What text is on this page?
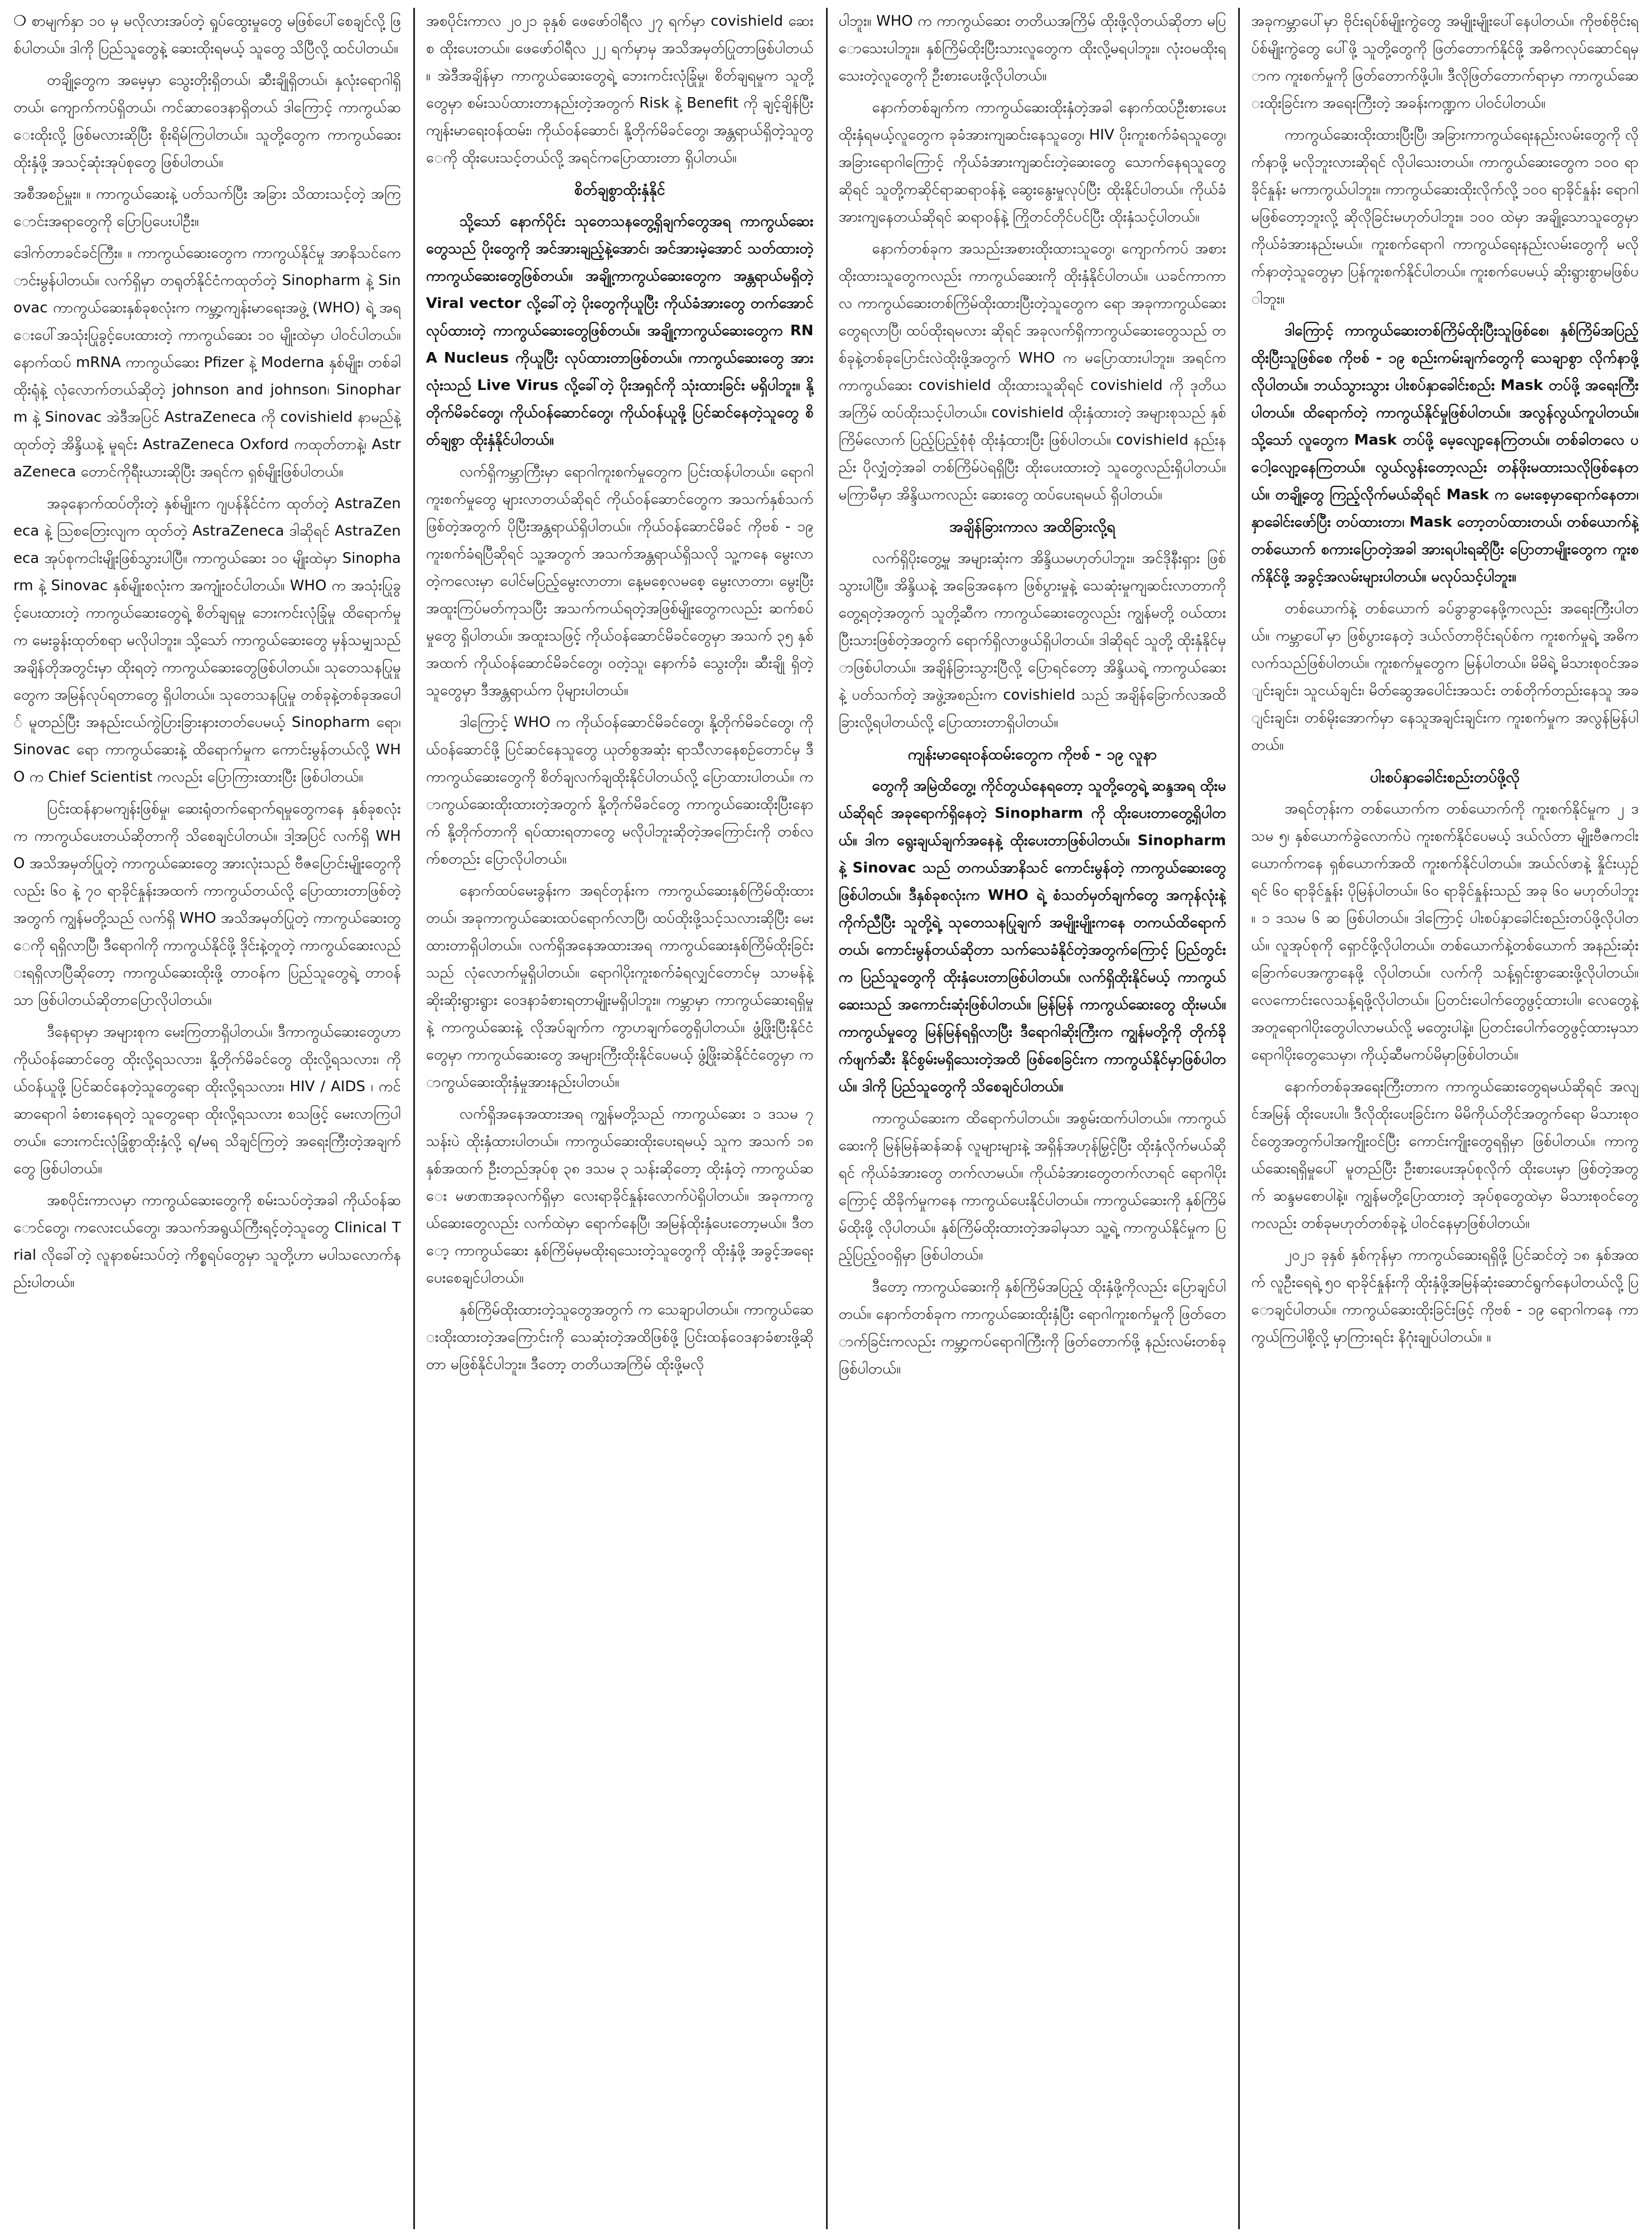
❍ စာမျက်နှာ ၁၀ မှ မလိုလားအပ်တဲ့ ရှုပ်ထွေးမှုတွေ မဖြစ်ပေါ်စေချင်လို့ ဖြစ်ပါတယ်။ ဒါကို ပြည်သူတွေနဲ့ ဆေးထိုးရမယ့် သူတွေ သိပြီလို့ ထင်ပါတယ်။

တချို့တွေက အမေ့မှာ သွေးတိုးရှိတယ်၊ ဆီးချိုရှိတယ်၊ နှလုံးရောဂါရှိတယ်၊ ကျောက်ကပ်ရှိတယ်၊ ကင်ဆာဝေဒနာရှိတယ် ဒါကြောင့် ကာကွယ်ဆေးထိုးလို့ ဖြစ်မလားဆိုပြီး စိုးရိမ်ကြပါတယ်။ သူတို့တွေက ကာကွယ်ဆေးထိုးနှံဖို့ အသင့်ဆုံးအုပ်စုတွေ ဖြစ်ပါတယ်။

အစီအစဉ်မှူး။ ။ ကာကွယ်ဆေးနဲ့ ပတ်သက်ပြီး အခြား သိထားသင့်တဲ့ အကြောင်းအရာတွေကို ပြောပြပေးပါဦး။

ဒေါက်တာခင်ခင်ကြီး။ ။ ကာကွယ်ဆေးတွေက ကာကွယ်နိုင်မှု အာနိသင်ကောင်းမွန်ပါတယ်။ လက်ရှိမှာ တရုတ်နိုင်ငံကထုတ်တဲ့ Sinopharm နဲ့ Sinovac ကာကွယ်ဆေးနှစ်ခုစလုံးက ကမ္ဘာ့ကျန်းမာရေးအဖွဲ့ (WHO) ရဲ့ အရေးပေါ်အသုံးပြုခွင့်ပေးထားတဲ့ ကာကွယ်ဆေး ၁၀ မျိုးထဲမှာ ပါဝင်ပါတယ်။ နောက်ထပ် mRNA ကာကွယ်ဆေး Pfizer နဲ့ Moderna နှစ်မျိုး၊ တစ်ခါထိုးရုံနဲ့ လုံလောက်တယ်ဆိုတဲ့ johnson and johnson၊ Sinopharm နဲ့ Sinovac အဲဒီအပြင် AstraZeneca ကို covishield နာမည်နဲ့ ထုတ်တဲ့ အိန္ဒိယနဲ့ မူရင်း AstraZeneca Oxford ကထုတ်တာနဲ့၊ AstraZeneca တောင်ကိုရီးယားဆိုပြီး အရင်က ရှစ်မျိုးဖြစ်ပါတယ်။

အခုနောက်ထပ်တိုးတဲ့ နှစ်မျိုးက ဂျပန်နိုင်ငံက ထုတ်တဲ့ AstraZeneca နဲ့ ဩစတြေးလျက ထုတ်တဲ့ AstraZeneca ဒါဆိုရင် AstraZeneca အုပ်စုကငါးမျိုးဖြစ်သွားပါပြီ။ ကာကွယ်ဆေး ၁၀ မျိုးထဲမှာ Sinopharm နဲ့ Sinovac နှစ်မျိုးစလုံးက အကျုံးဝင်ပါတယ်။ WHO က အသုံးပြုခွင့်ပေးထားတဲ့ ကာကွယ်ဆေးတွေရဲ့ စိတ်ချရမှု ဘေးကင်းလုံခြုံမှု ထိရောက်မှုက မေးခွန်းထုတ်စရာ မလိုပါဘူး။ သို့သော် ကာကွယ်ဆေးတွေ မှန်သမျှသည် အချိန်တိုအတွင်းမှာ ထိုးရတဲ့ ကာကွယ်ဆေးတွေဖြစ်ပါတယ်။ သုတေသနပြုမှုတွေက အမြန်လုပ်ရတာတွေ ရှိပါတယ်။ သုတေသနပြုမှု တစ်ခုနဲ့တစ်ခုအပေါ် မူတည်ပြီး အနည်းငယ်ကွဲပြားခြားနားတတ်ပေမယ့် Sinopharm ရော၊ Sinovac ရော ကာကွယ်ဆေးနဲ့ ထိရောက်မှုက ကောင်းမွန်တယ်လို့ WHO က Chief Scientist ကလည်း ပြောကြားထားပြီး ဖြစ်ပါတယ်။

ပြင်းထန်နာမကျန်းဖြစ်မှု၊ ဆေးရုံတက်ရောက်ရမှုတွေကနေ နှစ်ခုစလုံးက ကာကွယ်ပေးတယ်ဆိုတာကို သိစေချင်ပါတယ်။ ဒါ့အပြင် လက်ရှိ WHO အသိအမှတ်ပြုတဲ့ ကာကွယ်ဆေးတွေ အားလုံးသည် ဗီဇပြောင်းမျိုးတွေကိုလည်း ၆၀ နဲ့ ၇၀ ရာခိုင်နှုန်းအထက် ကာကွယ်တယ်လို့ ပြောထားတာဖြစ်တဲ့အတွက် ကျွန်မတို့သည် လက်ရှိ WHO အသိအမှတ်ပြုတဲ့ ကာကွယ်ဆေးတွေကို ရရှိလာပြီ၊ ဒီရောဂါကို ကာကွယ်နိုင်ဖို့ ဒိုင်းနဲ့တူတဲ့ ကာကွယ်ဆေးလည်းရရှိလာပြီဆိုတော့ ကာကွယ်ဆေးထိုးဖို့ တာဝန်က ပြည်သူတွေရဲ့ တာဝန်သာ ဖြစ်ပါတယ်ဆိုတာပြောလိုပါတယ်။

ဒီနေရာမှာ အများစုက မေးကြတာရှိပါတယ်။ ဒီကာကွယ်ဆေးတွေဟာ ကိုယ်ဝန်ဆောင်တွေ ထိုးလို့ရသလား၊ နို့တိုက်မိခင်တွေ ထိုးလို့ရသလား၊ ကိုယ်ဝန်ယူဖို့ ပြင်ဆင်နေတဲ့သူတွေရော ထိုးလို့ရသလား၊ HIV / AIDS ၊ ကင်ဆာရောဂါ ခံစားနေရတဲ့ သူတွေရော ထိုးလို့ရသလား စသဖြင့် မေးလာကြပါတယ်။ ဘေးကင်းလုံခြုံစွာထိုးနှံလို့ ရ/မရ သိချင်ကြတဲ့ အရေးကြီးတဲ့အချက်တွေ ဖြစ်ပါတယ်။

အစပိုင်းကာလမှာ ကာကွယ်ဆေးတွေကို စမ်းသပ်တဲ့အခါ ကိုယ်ဝန်ဆောင်တွေ၊ ကလေးငယ်တွေ၊ အသက်အရွယ်ကြီးရင့်တဲ့သူတွေ Clinical Trial လိုခေါ်တဲ့ လူနာစမ်းသပ်တဲ့ ကိစ္စရပ်တွေမှာ သူတို့ဟာ မပါသလောက်နည်းပါတယ်။

အစပိုင်းကာလ ၂၀၂၁ ခုနှစ် ဖေဖော်ဝါရီလ ၂၇ ရက်မှာ covishield ဆေးစ ထိုးပေးတယ်။ ဖေဖော်ဝါရီလ ၂၂ ရက်မှာမှ အသိအမှတ်ပြုတာဖြစ်ပါတယ်။ အဲဒီအချိန်မှာ ကာကွယ်ဆေးတွေရဲ့ ဘေးကင်းလုံခြုံမှု၊ စိတ်ချရမှုက သူတို့ တွေမှာ စမ်းသပ်ထားတာနည်းတဲ့အတွက် Risk နဲ့ Benefit ကို ချင့်ချိန်ပြီး ကျန်းမာရေးဝန်ထမ်း၊ ကိုယ်ဝန်ဆောင်၊ နို့တိုက်မိခင်တွေ၊ အန္တရာယ်ရှိတဲ့သူတွေကို ထိုးပေးသင့်တယ်လို့ အရင်ကပြောထားတာ ရှိပါတယ်။

စိတ်ချစွာထိုးနှံနိုင်

သို့သော် နောက်ပိုင်း သုတေသနတွေ့ရှိချက်တွေအရ ကာကွယ်ဆေးတွေသည် ပိုးတွေကို အင်အားချည့်နဲ့အောင်၊ အင်အားမဲ့အောင် သတ်ထားတဲ့ ကာကွယ်ဆေးတွေဖြစ်တယ်။ အချို့ကာကွယ်ဆေးတွေက အန္တရာယ်မရှိတဲ့ Viral vector လို့ခေါ်တဲ့ ပိုးတွေကိုယူပြီး ကိုယ်ခံအားတွေ တက်အောင် လုပ်ထားတဲ့ ကာကွယ်ဆေးတွေဖြစ်တယ်။ အချို့ကာကွယ်ဆေးတွေက RNA Nucleus ကိုယူပြီး လုပ်ထားတာဖြစ်တယ်။ ကာကွယ်ဆေးတွေ အားလုံးသည် Live Virus လို့ခေါ်တဲ့ ပိုးအရှင်ကို သုံးထားခြင်း မရှိပါဘူး။ နို့တိုက်မိခင်တွေ၊ ကိုယ်ဝန်ဆောင်တွေ၊ ကိုယ်ဝန်ယူဖို့ ပြင်ဆင်နေတဲ့သူတွေ စိတ်ချစွာ ထိုးနှံနိုင်ပါတယ်။

လက်ရှိကမ္ဘာကြီးမှာ ရောဂါကူးစက်မှုတွေက ပြင်းထန်ပါတယ်။ ရောဂါကူးစက်မှုတွေ များလာတယ်ဆိုရင် ကိုယ်ဝန်ဆောင်တွေက အသက်နှစ်သက်ဖြစ်တဲ့အတွက် ပိုပြီးအန္တရာယ်ရှိပါတယ်။ ကိုယ်ဝန်ဆောင်မိခင် ကိုဗစ် - ၁၉ ကူးစက်ခံရပြီဆိုရင် သူ့အတွက် အသက်အန္တရာယ်ရှိသလို သူ့ကနေ မွေးလာတဲ့ကလေးမှာ ပေါင်မပြည့်မွေးလာတာ၊ နေ့မစေ့လမစေ့ မွေးလာတာ၊ မွေးပြီး အထူးကြပ်မတ်ကုသပြီး အသက်ကယ်ရတဲ့အဖြစ်မျိုးတွေကလည်း ဆက်စပ်မှုတွေ ရှိပါတယ်။ အထူးသဖြင့် ကိုယ်ဝန်ဆောင်မိခင်တွေမှာ အသက် ၃၅ နှစ်အထက် ကိုယ်ဝန်ဆောင်မိခင်တွေ၊ ဝတဲ့သူ၊ နောက်ခံ သွေးတိုး၊ ဆီးချို ရှိတဲ့သူတွေမှာ ဒီအန္တရာယ်က ပိုများပါတယ်။

ဒါကြောင့် WHO က ကိုယ်ဝန်ဆောင်မိခင်တွေ၊ နို့တိုက်မိခင်တွေ၊ ကိုယ်ဝန်ဆောင်ဖို့ ပြင်ဆင်နေသူတွေ ယုတ်စွအဆုံး ရာသီလာနေစဉ်တောင်မှ ဒီကာကွယ်ဆေးတွေကို စိတ်ချလက်ချထိုးနိုင်ပါတယ်လို့ ပြောထားပါတယ်။ ကာကွယ်ဆေးထိုးထားတဲ့အတွက် နို့တိုက်မိခင်တွေ ကာကွယ်ဆေးထိုးပြီးနောက် နို့တိုက်တာကို ရပ်ထားရတာတွေ မလိုပါဘူးဆိုတဲ့အကြောင်းကို တစ်လက်စတည်း ပြောလိုပါတယ်။

နောက်ထပ်မေးခွန်းက အရင်တုန်းက ကာကွယ်ဆေးနှစ်ကြိမ်ထိုးထားတယ်၊ အခုကာကွယ်ဆေးထပ်ရောက်လာပြီ၊ ထပ်ထိုးဖို့သင့်သလားဆိုပြီး မေးထားတာရှိပါတယ်။ လက်ရှိအနေအထားအရ ကာကွယ်ဆေးနှစ်ကြိမ်ထိုးခြင်းသည် လုံလောက်မှုရှိပါတယ်။ ရောဂါပိုးကူးစက်ခံရလျှင်တောင်မှ သာမန်နဲ့ ဆိုးဆိုးရွားရွား ဝေဒနာခံစားရတာမျိုးမရှိပါဘူး။ ကမ္ဘာမှာ ကာကွယ်ဆေးရရှိမှုနဲ့ ကာကွယ်ဆေးနဲ့ လိုအပ်ချက်က ကွာဟချက်တွေရှိပါတယ်။ ဖွံ့ဖြိုးပြီးနိုင်ငံတွေမှာ ကာကွယ်ဆေးတွေ အများကြီးထိုးနိုင်ပေမယ့် ဖွံ့ဖြိုးဆဲနိုင်ငံတွေမှာ ကာကွယ်ဆေးထိုးနှံမှုအားနည်းပါတယ်။

လက်ရှိအနေအထားအရ ကျွန်မတို့သည် ကာကွယ်ဆေး ၁ ဒသမ ၇ သန်းပဲ ထိုးနှံထားပါတယ်။ ကာကွယ်ဆေးထိုးပေးရမယ့် သူက အသက် ၁၈ နှစ်အထက် ဦးတည်အုပ်စု ၃၈ ဒသမ ၃ သန်းဆိုတော့ ထိုးနှံတဲ့ ကာကွယ်ဆေး မဖာဏအခုလက်ရှိမှာ လေးရာခိုင်နှုန်းလောက်ပဲရှိပါတယ်။ အခုကာကွယ်ဆေးတွေလည်း လက်ထဲမှာ ရောက်နေပြီ၊ အမြန်ထိုးနှံပေးတော့မယ်။ ဒီတော့ ကာကွယ်ဆေး နှစ်ကြိမ်မှမထိုးရသေးတဲ့သူတွေကို ထိုးနှံဖို့ အခွင့်အရေးပေးစေချင်ပါတယ်။

နှစ်ကြိမ်ထိုးထားတဲ့သူတွေအတွက် က သေချာပါတယ်။ ကာကွယ်ဆေးထိုးထားတဲ့အကြောင်းကို သေဆုံးတဲ့အထိဖြစ်ဖို့ ပြင်းထန်ဝေဒနာခံစားဖို့ဆိုတာ မဖြစ်နိုင်ပါဘူး။ ဒီတော့ တတိယအကြိမ် ထိုးဖို့မလို

ပါဘူး။ WHO က ကာကွယ်ဆေး တတိယအကြိမ် ထိုးဖို့လိုတယ်ဆိုတာ မပြောသေးပါဘူး။ နှစ်ကြိမ်ထိုးပြီးသားလူတွေက ထိုးလို့မရပါဘူး။ လုံးဝမထိုးရသေးတဲ့လူတွေကို ဦးစားပေးဖို့လိုပါတယ်။

နောက်တစ်ချက်က ကာကွယ်ဆေးထိုးနှံတဲ့အခါ နောက်ထပ်ဦးစားပေး ထိုးနှံရမယ့်လူတွေက ခုခံအားကျဆင်းနေသူတွေ၊ HIV ပိုးကူးစက်ခံရသူတွေ၊ အခြားရောဂါကြောင့် ကိုယ်ခံအားကျဆင်းတဲ့ဆေးတွေ သောက်နေရသူတွေဆိုရင် သူတို့ကဆိုင်ရာဆရာဝန်နဲ့ ဆွေးနွေးမှုလုပ်ပြီး ထိုးနိုင်ပါတယ်။ ကိုယ်ခံအားကျနေတယ်ဆိုရင် ဆရာဝန်နဲ့ ကြိုတင်တိုင်ပင်ပြီး ထိုးနှံသင့်ပါတယ်။

နောက်တစ်ခုက အသည်းအစားထိုးထားသူတွေ၊ ကျောက်ကပ် အစားထိုးထားသူတွေကလည်း ကာကွယ်ဆေးကို ထိုးနှံနိုင်ပါတယ်။ ယခင်ကာကာလ ကာကွယ်ဆေးတစ်ကြိမ်ထိုးထားပြီးတဲ့သူတွေက ရော အခုကာကွယ်ဆေးတွေရလာပြီ၊ ထပ်ထိုးရမလား ဆိုရင် အခုလက်ရှိကာကွယ်ဆေးတွေသည် တစ်ခုနဲ့တစ်ခုပြောင်းလဲထိုးဖို့အတွက် WHO က မပြောထားပါဘူး။ အရင်က ကာကွယ်ဆေး covishield ထိုးထားသူဆိုရင် covishield ကို ဒုတိယအကြိမ် ထပ်ထိုးသင့်ပါတယ်။ covishield ထိုးနှံထားတဲ့ အများစုသည် နှစ်ကြိမ်လောက် ပြည့်ပြည့်စုံစုံ ထိုးနှံထားပြီး ဖြစ်ပါတယ်။ covishield နည်းနည်း ပိုလျှံတဲ့အခါ တစ်ကြိမ်ပဲရရှိပြီး ထိုးပေးထားတဲ့ သူတွေလည်းရှိပါတယ်။ မကြာမီမှာ အိန္ဒိယကလည်း ဆေးတွေ ထပ်ပေးရမယ် ရှိပါတယ်။

အချိန်ခြားကာလ အထိခြားလို့ရ

လက်ရှိပိုးတွေ့မှု အများဆုံးက အိန္ဒိယမဟုတ်ပါဘူး။ အင်ဒိုနီးရှား ဖြစ်သွားပါပြီ။ အိန္ဒိယနဲ့ အခြေအနေက ဖြစ်ပွားမှုနဲ့ သေဆုံးမှုကျဆင်းလာတာကို တွေ့ရတဲ့အတွက် သူတို့ဆီက ကာကွယ်ဆေးတွေလည်း ကျွန်မတို့ ဝယ်ထားပြီးသားဖြစ်တဲ့အတွက် ရောက်ရှိလာဖွယ်ရှိပါတယ်။ ဒါဆိုရင် သူတို့ ထိုးနှံနိုင်မှာဖြစ်ပါတယ်။ အချိန်ခြားသွားပြီလို့ ပြောရင်တော့ အိန္ဒိယရဲ့ ကာကွယ်ဆေးနဲ့ ပတ်သက်တဲ့ အဖွဲ့အစည်းက covishield သည် အချိန်ခြောက်လအထိ ခြားလို့ရပါတယ်လို့ ပြောထားတာရှိပါတယ်။

ကျန်းမာရေးဝန်ထမ်းတွေက ကိုဗစ် - ၁၉ လူနာ

တွေကို အမြဲထိတွေ့၊ ကိုင်တွယ်နေရတော့ သူတို့တွေရဲ့ ဆန္ဒအရ ထိုးမယ်ဆိုရင် အခုရောက်ရှိနေတဲ့ Sinopharm ကို ထိုးပေးတာတွေ့ရှိပါတယ်။ ဒါက ရွေးချယ်ချက်အနေနဲ့ ထိုးပေးတာဖြစ်ပါတယ်။ Sinopharm နဲ့ Sinovac သည် တကယ်အာနိသင် ကောင်းမွန်တဲ့ ကာကွယ်ဆေးတွေဖြစ်ပါတယ်။ ဒီနှစ်ခုစလုံးက WHO ရဲ့ စံသတ်မှတ်ချက်တွေ အကုန်လုံးနဲ့ ကိုက်ညီပြီး သူတို့ရဲ့ သုတေသနပြုချက် အမျိုးမျိုးကနေ တကယ်ထိရောက်တယ်၊ ကောင်းမွန်တယ်ဆိုတာ သက်သေခံနိုင်တဲ့အတွက်ကြောင့် ပြည်တွင်းက ပြည်သူတွေကို ထိုးနှံပေးတာဖြစ်ပါတယ်။ လက်ရှိထိုးနိုင်မယ့် ကာကွယ်ဆေးသည် အကောင်းဆုံးဖြစ်ပါတယ်။ မြန်မြန် ကာကွယ်ဆေးတွေ ထိုးမယ်။ ကာကွယ်မှုတွေ မြန်မြန်ရရှိလာပြီး ဒီရောဂါဆိုးကြီးက ကျွန်မတို့ကို တိုက်ခိုက်ဖျက်ဆီး နိုင်စွမ်းမရှိသေးတဲ့အထိ ဖြစ်စေခြင်းက ကာကွယ်နိုင်မှာဖြစ်ပါတယ်။ ဒါကို ပြည်သူတွေကို သိစေချင်ပါတယ်။

ကာကွယ်ဆေးက ထိရောက်ပါတယ်။ အစွမ်းထက်ပါတယ်။ ကာကွယ်ဆေးကို မြန်မြန်ဆန်ဆန် လူများများနဲ့ အရှိန်အဟုန်မြှင့်ပြီး ထိုးနှံလိုက်မယ်ဆိုရင် ကိုယ်ခံအားတွေ တက်လာမယ်။ ကိုယ်ခံအားတွေတက်လာရင် ရောဂါပိုးကြောင့် ထိခိုက်မှုကနေ ကာကွယ်ပေးနိုင်ပါတယ်။ ကာကွယ်ဆေးကို နှစ်ကြိမ်မ်ထိုးဖို့ လိုပါတယ်။ နှစ်ကြိမ်ထိုးထားတဲ့အခါမှသာ သူ့ရဲ့ ကာကွယ်နိုင်မှုက ပြည့်ပြည့်ဝဝရှိမှာ ဖြစ်ပါတယ်။

ဒီတော့ ကာကွယ်ဆေးကို နှစ်ကြိမ်အပြည့် ထိုးနှံဖို့ကိုလည်း ပြောချင်ပါတယ်။ နောက်တစ်ခုက ကာကွယ်ဆေးထိုးနှံပြီး ရောဂါကူးစက်မှုကို ဖြတ်တောက်ခြင်းကလည်း ကမ္ဘာ့ကပ်ရောဂါကြီးကို ဖြတ်တောက်ဖို့ နည်းလမ်းတစ်ခုဖြစ်ပါတယ်။

အခုကမ္ဘာပေါ်မှာ ဗိုင်းရပ်စ်မျိုးကွဲတွေ အမျိုးမျိုးပေါ်နေပါတယ်။ ကိုဗစ်ဗိုင်းရပ်စ်မျိုးကွဲတွေ ပေါ်ဖို့ သူတို့တွေကို ဖြတ်တောက်နိုင်ဖို့ အဓိကလုပ်ဆောင်ရမှာက ကူးစက်မှုကို ဖြတ်တောက်ဖို့ပါ။ ဒီလိုဖြတ်တောက်ရာမှာ ကာကွယ်ဆေးထိုးခြင်းက အရေးကြီးတဲ့ အခန်းကဏ္ဍက ပါဝင်ပါတယ်။

ကာကွယ်ဆေးထိုးထားပြီးပြီ၊ အခြားကာကွယ်ရေးနည်းလမ်းတွေကို လိုက်နာဖို့ မလိုဘူးလားဆိုရင် လိုပါသေးတယ်။ ကာကွယ်ဆေးတွေက ၁၀၀ ရာခိုင်နှုန်း မကာကွယ်ပါဘူး။ ကာကွယ်ဆေးထိုးလိုက်လို့ ၁၀၀ ရာခိုင်နှုန်း ရောဂါမဖြစ်တော့ဘူးလို့ ဆိုလိုခြင်းမဟုတ်ပါဘူး။ ၁၀၀ ထဲမှာ အချို့သောသူတွေမှာ ကိုယ်ခံအားနည်းမယ်။ ကူးစက်ရောဂါ ကာကွယ်ရေးနည်းလမ်းတွေကို မလိုက်နာတဲ့သူတွေမှာ ပြန်ကူးစက်နိုင်ပါတယ်။ ကူးစက်ပေမယ့် ဆိုးရွားစွာမဖြစ်ပါဘူး။

ဒါကြောင့် ကာကွယ်ဆေးတစ်ကြိမ်ထိုးပြီးသူဖြစ်စေ၊ နှစ်ကြိမ်အပြည့်ထိုးပြီးသူဖြစ်စေ ကိုဗစ် - ၁၉ စည်းကမ်းချက်တွေကို သေချာစွာ လိုက်နာဖို့လိုပါတယ်။ ဘယ်သွားသွား ပါးစပ်နှာခေါင်းစည်း Mask တပ်ဖို့ အရေးကြီးပါတယ်။ ထိရောက်တဲ့ ကာကွယ်နိုင်မှုဖြစ်ပါတယ်။ အလွန်လွယ်ကူပါတယ်။ သို့သော် လူတွေက Mask တပ်ဖို့ မေ့လျော့နေကြတယ်။ တစ်ခါတလေ ပေါ့လျော့နေကြတယ်။ လွယ်လွန်းတော့လည်း တန်ဖိုးမထားသလိုဖြစ်နေတယ်။ တချို့တွေ ကြည့်လိုက်မယ်ဆိုရင် Mask က မေးစေ့မှာရောက်နေတာ၊ နှာခေါင်းဖော်ပြီး တပ်ထားတာ၊ Mask တော့တပ်ထားတယ်၊ တစ်ယောက်နဲ့တစ်ယောက် စကားပြောတဲ့အခါ အားရပါးရဆိုပြီး ပြောတာမျိုးတွေက ကူးစက်နိုင်ဖို့ အခွင့်အလမ်းများပါတယ်။ မလုပ်သင့်ပါဘူး။

တစ်ယောက်နဲ့ တစ်ယောက် ခပ်ခွာခွာနေဖို့ကလည်း အရေးကြီးပါတယ်။ ကမ္ဘာပေါ်မှာ ဖြစ်ပွားနေတဲ့ ဒယ်လ်တာဗိုင်းရပ်စ်က ကူးစက်မှုရဲ့ အဓိကလက်သည်ဖြစ်ပါတယ်။ ကူးစက်မှုတွေက မြန်ပါတယ်။ မိမိရဲ့ မိသားစုဝင်အချင်းချင်း၊ သူငယ်ချင်း၊ မိတ်ဆွေအပေါင်းအသင်း တစ်တိုက်တည်းနေသူ အချင်းချင်း၊ တစ်မိုးအောက်မှာ နေသူအချင်းချင်းက ကူးစက်မှုက အလွန်မြန်ပါတယ်။

ပါးစပ်နှာခေါင်းစည်းတပ်ဖို့လို

အရင်တုန်းက တစ်ယောက်က တစ်ယောက်ကို ကူးစက်နိုင်မှုက ၂ ဒသမ ၅၊ နှစ်ယောက်ခွဲလောက်ပဲ ကူးစက်နိုင်ပေမယ့် ဒယ်လ်တာ မျိုးဗီဇကငါးယောက်ကနေ ရှစ်ယောက်အထိ ကူးစက်နိုင်ပါတယ်။ အယ်လ်ဖာနဲ့ နှိုင်းယှဉ်ရင် ၆၀ ရာခိုင်နှုန်း ပိုမြန်ပါတယ်။ ၆၀ ရာခိုင်နှုန်းသည် အခု ၆၀ မဟုတ်ပါဘူး။ ၁ ဒသမ ၆ ဆ ဖြစ်ပါတယ်။ ဒါကြောင့် ပါးစပ်နှာခေါင်းစည်းတပ်ဖို့လိုပါတယ်။ လူအုပ်စုကို ရှောင်ဖို့လိုပါတယ်။ တစ်ယောက်နဲ့တစ်ယောက် အနည်းဆုံးခြောက်ပေအကွာနေဖို့ လိုပါတယ်။ လက်ကို သန့်ရှင်းစွာဆေးဖို့လိုပါတယ်။ လေကောင်းလေသန့်ရဖို့လိုပါတယ်။ ပြတင်းပေါက်တွေဖွင့်ထားပါ။ လေတွေနဲ့အတူရောဂါပိုးတွေပါလာမယ်လို့ မတွေးပါနဲ့။ ပြတင်းပေါက်တွေဖွင့်ထားမှသာ ရောဂါပိုးတွေသေမှာ၊ ကိုယ့်ဆီမကပ်မိမှာဖြစ်ပါတယ်။

နောက်တစ်ခုအရေးကြီးတာက ကာကွယ်ဆေးတွေရမယ်ဆိုရင် အလျင်အမြန် ထိုးပေးပါ။ ဒီလိုထိုးပေးခြင်းက မိမိကိုယ်တိုင်အတွက်ရော မိသားစုဝင်တွေအတွက်ပါအကျိုးဝင်ပြီး ကောင်းကျိုးတွေရရှိမှာ ဖြစ်ပါတယ်။ ကာကွယ်ဆေးရရှိမှုပေါ် မူတည်ပြီး ဦးစားပေးအုပ်စုလိုက် ထိုးပေးမှာ ဖြစ်တဲ့အတွက် ဆန္ဒမစောပါနဲ့။ ကျွန်မတို့ပြောထားတဲ့ အုပ်စုတွေထဲမှာ မိသားစုဝင်တွေကလည်း တစ်ခုမဟုတ်တစ်ခုနဲ့ ပါဝင်နေမှာဖြစ်ပါတယ်။

၂၀၂၁ ခုနှစ် နှစ်ကုန်မှာ ကာကွယ်ဆေးရရှိဖို့ ပြင်ဆင်တဲ့ ၁၈ နှစ်အထက် လူဦးရေရဲ့ ၅၀ ရာခိုင်နှုန်းကို ထိုးနှံဖို့အမြန်ဆုံးဆောင်ရွက်နေပါတယ်လို့ ပြောချင်ပါတယ်။ ကာကွယ်ဆေးထိုးခြင်းဖြင့် ကိုဗစ် - ၁၉ ရောဂါကနေ ကာကွယ်ကြပါစို့လို့ မှာကြားရင်း နိဂုံးချုပ်ပါတယ်။ ။
